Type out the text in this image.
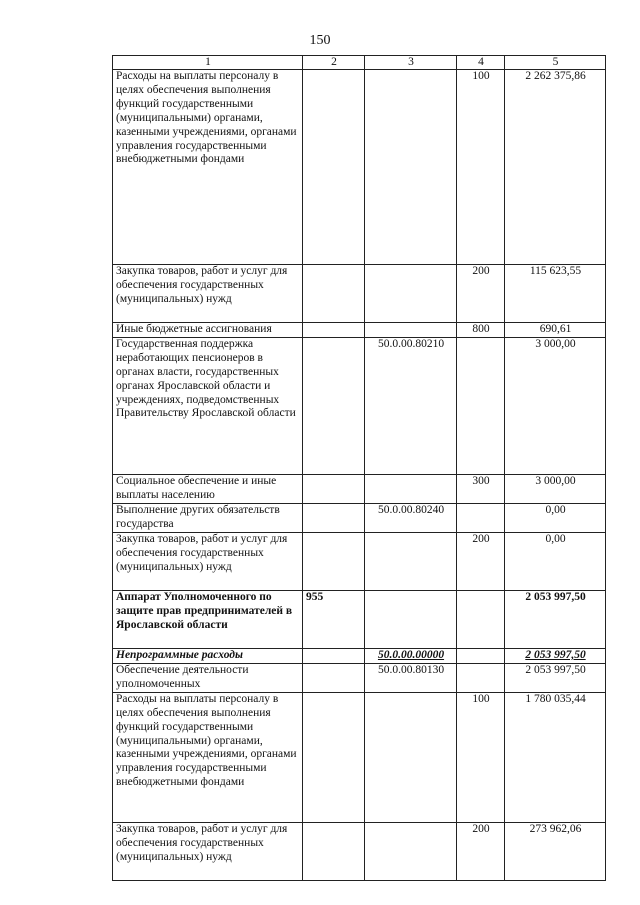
150
1	2	3	4	5
Расходы на выплаты персоналу в целях обеспечения выполнения функций государственными (муниципальными) органами, казенными учреждениями, органами управления государственными внебюджетными фондами			100	2 262 375,86
Закупка товаров, работ и услуг для обеспечения государственных (муниципальных) нужд			200	115 623,55
Иные бюджетные ассигнования			800	690,61
Государственная поддержка неработающих пенсионеров в органах власти, государственных органах Ярославской области и учреждениях, подведомственных Правительству Ярославской области		50.0.00.80210		3 000,00
Социальное обеспечение и иные выплаты населению			300	3 000,00
Выполнение других обязательств государства		50.0.00.80240		0,00
Закупка товаров, работ и услуг для обеспечения государственных (муниципальных) нужд			200	0,00
Аппарат Уполномоченного по защите прав предпринимателей в Ярославской области	955			2 053 997,50
Непрограммные расходы		50.0.00.00000		2 053 997,50
Обеспечение деятельности уполномоченных		50.0.00.80130		2 053 997,50
Расходы на выплаты персоналу в целях обеспечения выполнения функций государственными (муниципальными) органами, казенными учреждениями, органами управления государственными внебюджетными фондами			100	1 780 035,44
Закупка товаров, работ и услуг для обеспечения государственных (муниципальных) нужд			200	273 962,06
